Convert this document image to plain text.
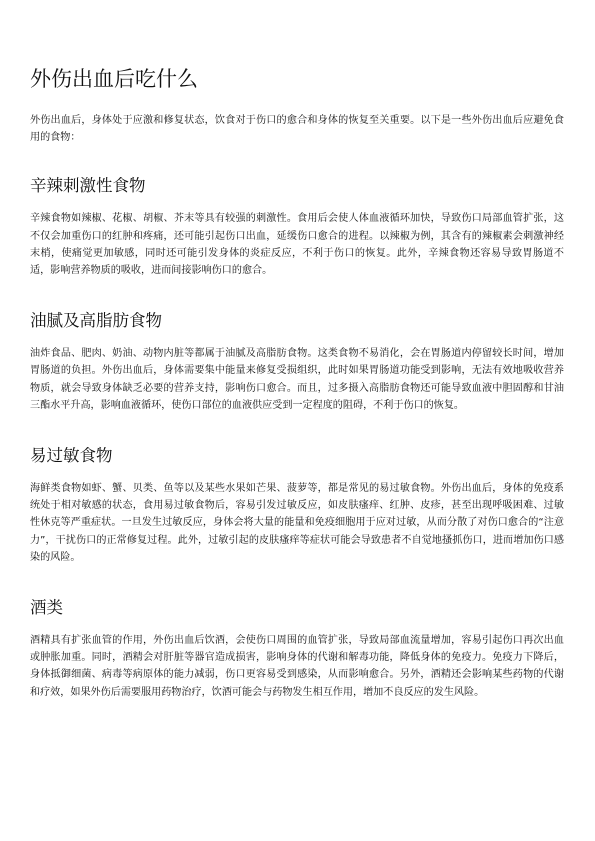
外伤出血后吃什么

外伤出血后，身体处于应激和修复状态，饮食对于伤口的愈合和身体的恢复至关重要。以下是一些外伤出血后应避免食用的食物：

辛辣刺激性食物

辛辣食物如辣椒、花椒、胡椒、芥末等具有较强的刺激性。食用后会使人体血液循环加快，导致伤口局部血管扩张，这不仅会加重伤口的红肿和疼痛，还可能引起伤口出血，延缓伤口愈合的进程。以辣椒为例，其含有的辣椒素会刺激神经末梢，使痛觉更加敏感，同时还可能引发身体的炎症反应，不利于伤口的恢复。此外，辛辣食物还容易导致胃肠道不适，影响营养物质的吸收，进而间接影响伤口的愈合。

油腻及高脂肪食物

油炸食品、肥肉、奶油、动物内脏等都属于油腻及高脂肪食物。这类食物不易消化，会在胃肠道内停留较长时间，增加胃肠道的负担。外伤出血后，身体需要集中能量来修复受损组织，此时如果胃肠道功能受到影响，无法有效地吸收营养物质，就会导致身体缺乏必要的营养支持，影响伤口愈合。而且，过多摄入高脂肪食物还可能导致血液中胆固醇和甘油三酯水平升高，影响血液循环，使伤口部位的血液供应受到一定程度的阻碍，不利于伤口的恢复。

易过敏食物

海鲜类食物如虾、蟹、贝类、鱼等以及某些水果如芒果、菠萝等，都是常见的易过敏食物。外伤出血后，身体的免疫系统处于相对敏感的状态，食用易过敏食物后，容易引发过敏反应，如皮肤瘙痒、红肿、皮疹，甚至出现呼吸困难、过敏性休克等严重症状。一旦发生过敏反应，身体会将大量的能量和免疫细胞用于应对过敏，从而分散了对伤口愈合的“注意力”，干扰伤口的正常修复过程。此外，过敏引起的皮肤瘙痒等症状可能会导致患者不自觉地搔抓伤口，进而增加伤口感染的风险。

酒类

酒精具有扩张血管的作用，外伤出血后饮酒，会使伤口周围的血管扩张，导致局部血流量增加，容易引起伤口再次出血或肿胀加重。同时，酒精会对肝脏等器官造成损害，影响身体的代谢和解毒功能，降低身体的免疫力。免疫力下降后，身体抵御细菌、病毒等病原体的能力减弱，伤口更容易受到感染，从而影响愈合。另外，酒精还会影响某些药物的代谢和疗效，如果外伤后需要服用药物治疗，饮酒可能会与药物发生相互作用，增加不良反应的发生风险。
